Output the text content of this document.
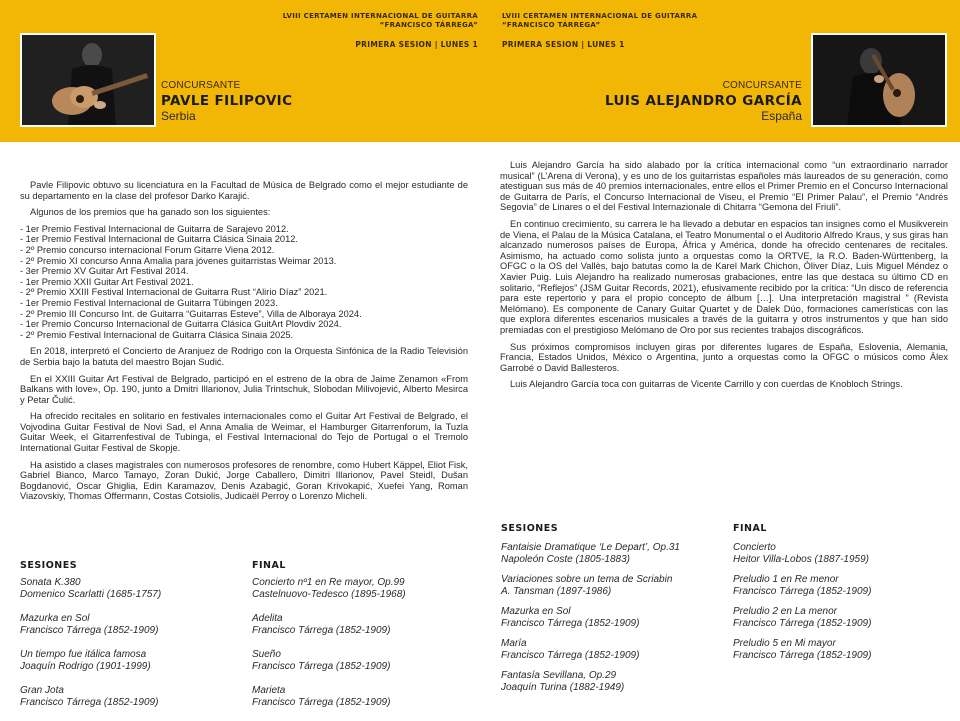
LVIII CERTAMEN INTERNACIONAL DE GUITARRA
“FRANCISCO TÁRREGA”
LVIII CERTAMEN INTERNACIONAL DE GUITARRA
“FRANCISCO TÁRREGA”
PRIMERA SESION | LUNES 1	PRIMERA SESION | LUNES 1
CONCURSANTE
PAVLE FILIPOVIC
Serbia
CONCURSANTE
LUIS ALEJANDRO GARCÍA
España

Pavle Filipovic obtuvo su licenciatura en la Facultad de Música de Belgrado como el mejor estudiante de su departamento en la clase del profesor Darko Karajić.

Algunos de los premios que ha ganado son los siguientes:

- 1er Premio Festival Internacional de Guitarra de Sarajevo 2012.
- 1er Premio Festival Internacional de Guitarra Clásica Sinaia 2012.
- 2º Premio concurso internacional Forum Gitarre Viena 2012.
- 2º Premio XI concurso Anna Amalia para jóvenes guitarristas Weimar 2013.
- 3er Premio XV Guitar Art Festival 2014.
- 1er Premio XXII Guitar Art Festival 2021.
- 2º Premio XXIII Festival Internacional de Guitarra Rust “Alirio Díaz” 2021.
- 1er Premio Festival Internacional de Guitarra Tübingen 2023.
- 2º Premio III Concurso Int. de Guitarra “Guitarras Esteve”, Villa de Alboraya 2024.
- 1er Premio Concurso Internacional de Guitarra Clásica GuitArt Plovdiv 2024.
- 2º Premio Festival Internacional de Guitarra Clásica Sinaia 2025.

En 2018, interpretó el Concierto de Aranjuez de Rodrigo con la Orquesta Sinfónica de la Radio Televisión de Serbia bajo la batuta del maestro Bojan Sudić.

En el XXIII Guitar Art Festival de Belgrado, participó en el estreno de la obra de Jaime Zenamon «From Balkans with love», Op. 190, junto a Dmitri Illarionov, Julia Trintschuk, Slobodan Milivojević, Alberto Mesirca y Petar Čulić.

Ha ofrecido recitales en solitario en festivales internacionales como el Guitar Art Festival de Belgrado, el Vojvodina Guitar Festival de Novi Sad, el Anna Amalia de Weimar, el Hamburger Gitarrenforum, la Tuzla Guitar Week, el Gitarrenfestival de Tubinga, el Festival Internacional do Tejo de Portugal o el Tremolo International Guitar Festival de Skopje.

Ha asistido a clases magistrales con numerosos profesores de renombre, como Hubert Käppel, Eliot Fisk, Gabriel Bianco, Marco Tamayo, Zoran Dukić, Jorge Caballero, Dimitri Illarionov, Pavel Steidl, Dušan Bogdanović, Oscar Ghiglia, Edin Karamazov, Denis Azabagić, Goran Krivokapić, Xuefei Yang, Roman Viazovskiy, Thomas Offermann, Costas Cotsiolis, Judicaël Perroy o Lorenzo Micheli.

Luis Alejandro García ha sido alabado por la crítica internacional como “un extraordinario narrador musical” (L’Arena di Verona), y es uno de los guitarristas españoles más laureados de su generación, como atestiguan sus más de 40 premios internacionales, entre ellos el Primer Premio en el Concurso Internacional de Guitarra de París, el Concurso Internacional de Viseu, el Premio “El Primer Palau”, el Premio “Andrés Segovia” de Linares o el del Festival Internazionale di Chitarra “Gemona del Friuli”.

En continuo crecimiento, su carrera le ha llevado a debutar en espacios tan insignes como el Musikverein de Viena, el Palau de la Música Catalana, el Teatro Monumental o el Auditorio Alfredo Kraus, y sus giras han alcanzado numerosos países de Europa, África y América, donde ha ofrecido centenares de recitales. Asimismo, ha actuado como solista junto a orquestas como la ORTVE, la R.O. Baden-Württenberg, la OFGC o la OS del Vallès, bajo batutas como la de Karel Mark Chichon, Óliver Díaz, Luis Miguel Méndez o Xavier Puig. Luis Alejandro ha realizado numerosas grabaciones, entre las que destaca su último CD en solitario, “Reflejos” (JSM Guitar Records, 2021), efusivamente recibido por la crítica: “Un disco de referencia para este repertorio y para el propio concepto de álbum […]. Una interpretación magistral ” (Revista Melómano). Es componente de Canary Guitar Quartet y de Dalek Dúo, formaciones camerísticas con las que explora diferentes escenarios musicales a través de la guitarra y otros instrumentos y que han sido premiadas con el prestigioso Melómano de Oro por sus recientes trabajos discográficos.

Sus próximos compromisos incluyen giras por diferentes lugares de España, Eslovenia, Alemania, Francia, Estados Unidos, México o Argentina, junto a orquestas como la OFGC o músicos como Álex Garrobé o David Ballesteros.

Luis Alejandro García toca con guitarras de Vicente Carrillo y con cuerdas de Knobloch Strings.

SESIONES
Sonata K.380
Domenico Scarlatti (1685-1757)
Mazurka en Sol
Francisco Tárrega (1852-1909)
Un tiempo fue itálica famosa
Joaquín Rodrigo (1901-1999)
Gran Jota
Francisco Tárrega (1852-1909)
FINAL
Concierto nº1 en Re mayor, Op.99
Castelnuovo-Tedesco (1895-1968)
Adelita
Francisco Tárrega (1852-1909)
Sueño
Francisco Tárrega (1852-1909)
Marieta
Francisco Tárrega (1852-1909)
SESIONES
Fantaisie Dramatique ‘Le Depart’, Op.31
Napoleón Coste (1805-1883)
Variaciones sobre un tema de Scriabin
A. Tansman (1897-1986)
Mazurka en Sol
Francisco Tárrega (1852-1909)
María
Francisco Tárrega (1852-1909)
Fantasía Sevillana, Op.29
Joaquín Turina (1882-1949)
FINAL
Concierto
Heitor Villa-Lobos (1887-1959)
Preludio 1 en Re menor
Francisco Tárrega (1852-1909)
Preludio 2 en La menor
Francisco Tárrega (1852-1909)
Preludio 5 en Mi mayor
Francisco Tárrega (1852-1909)
